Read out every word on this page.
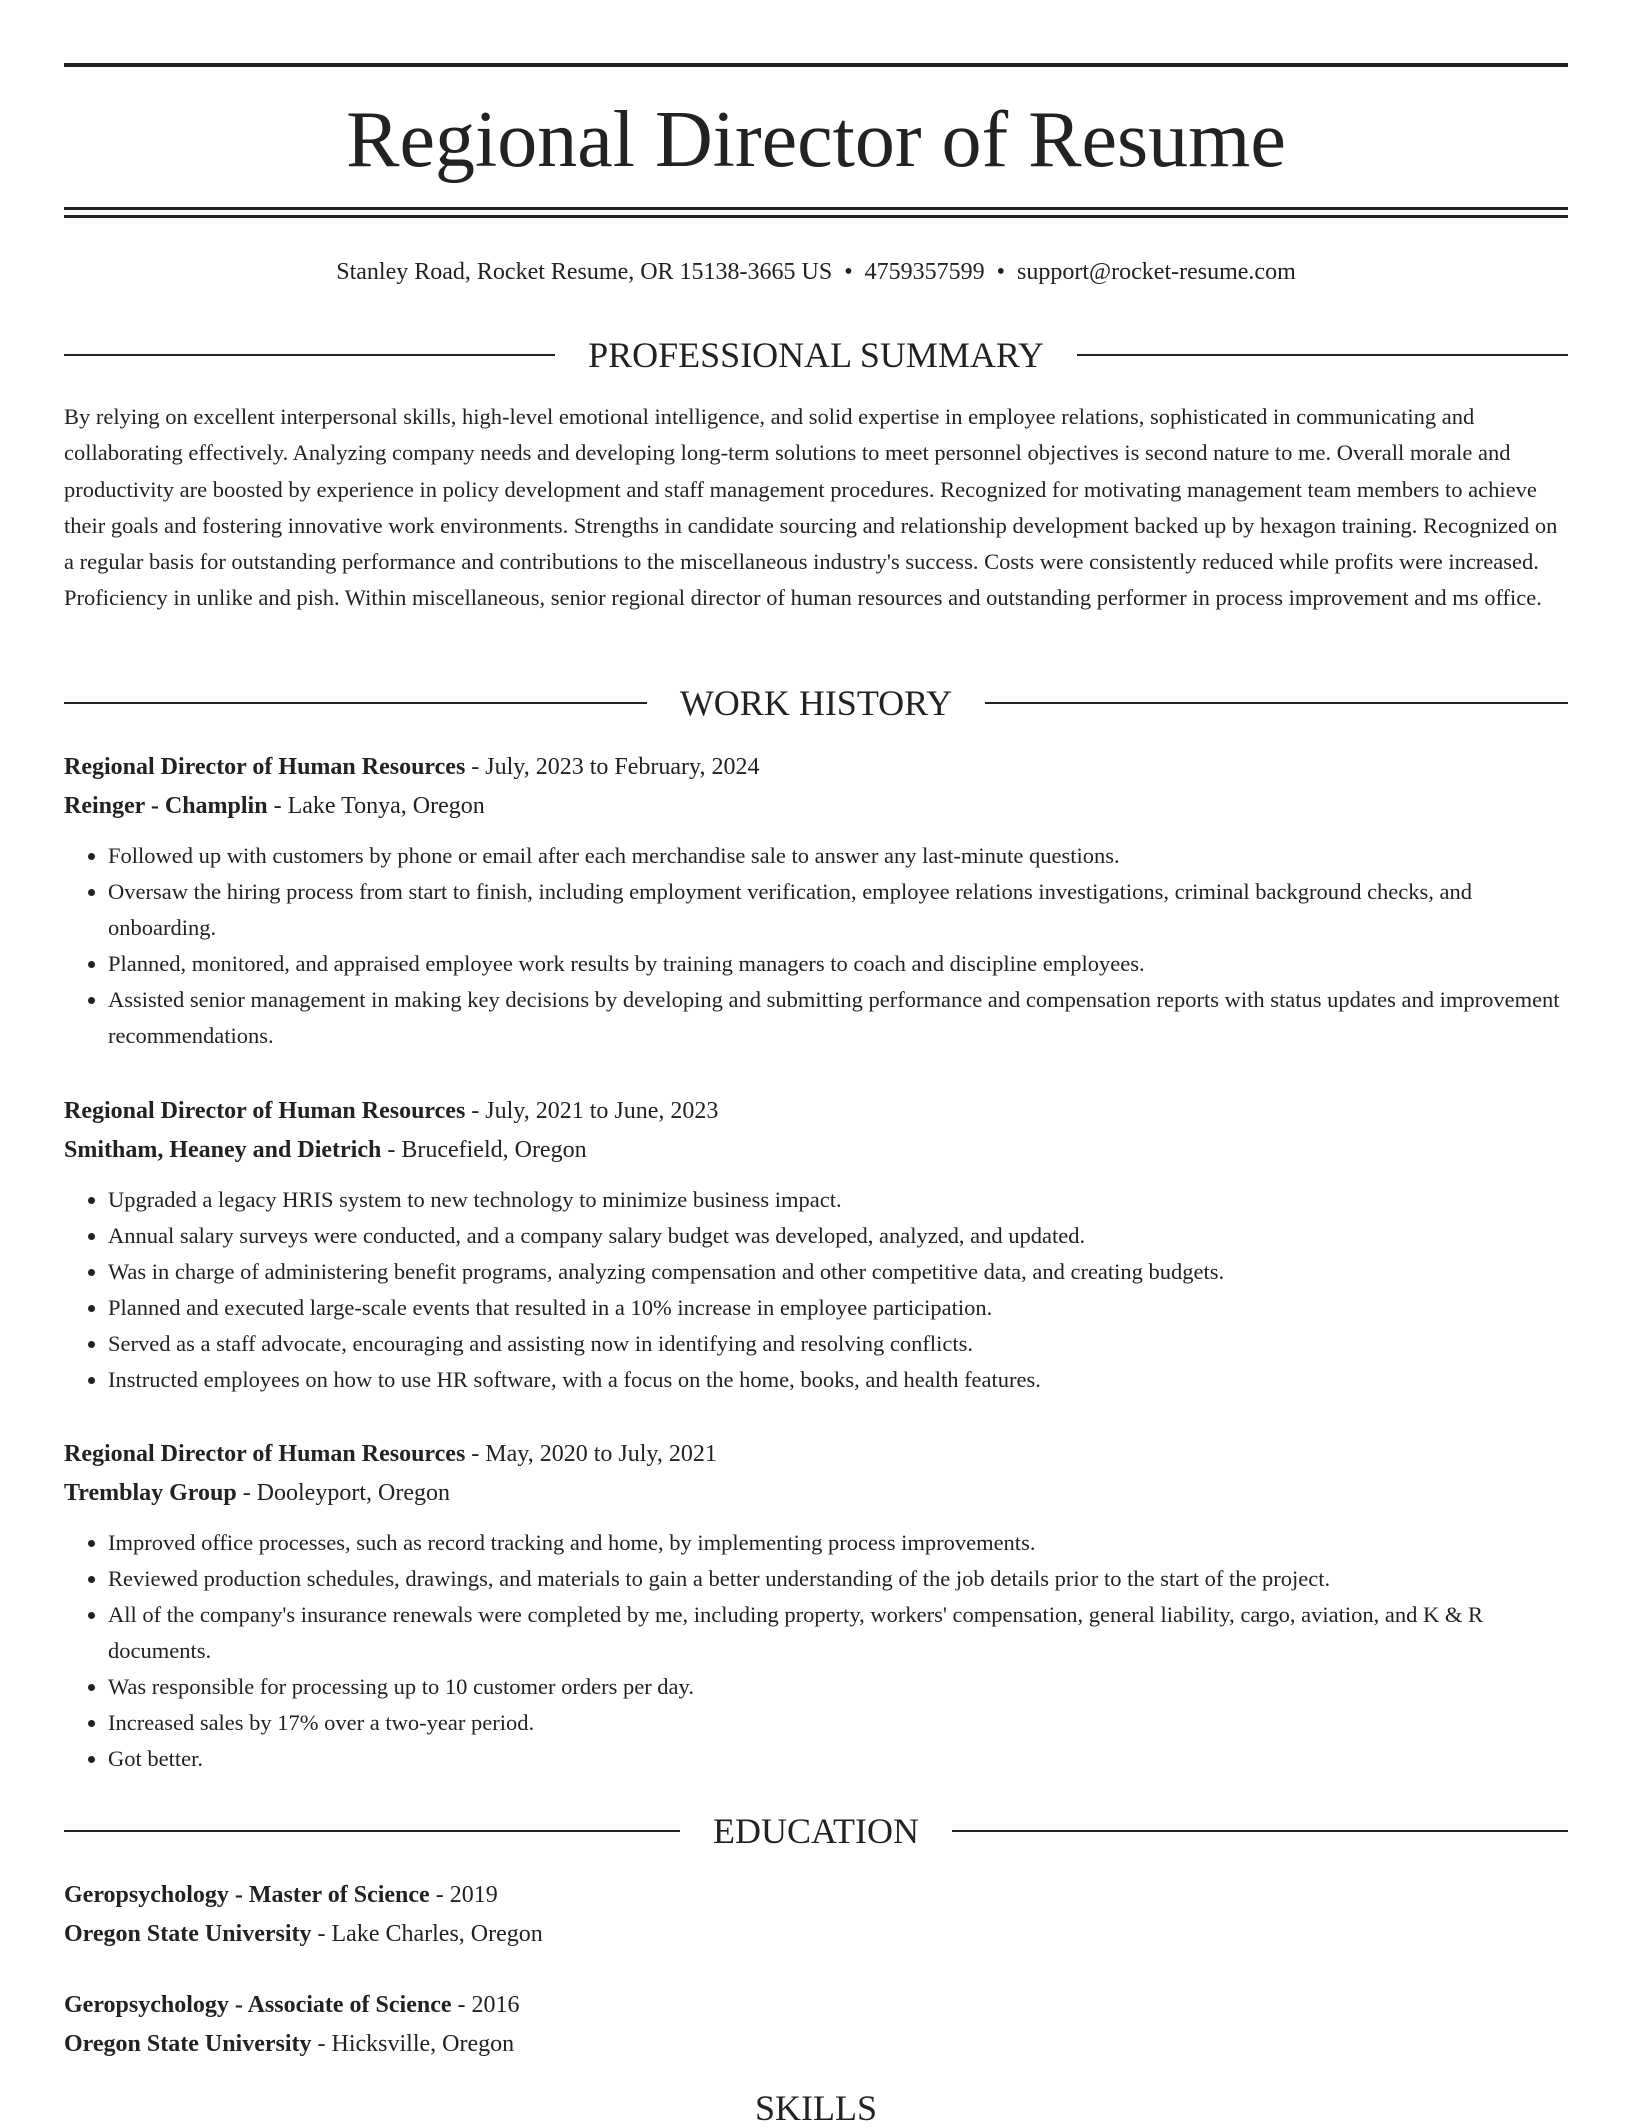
Regional Director of Resume
Stanley Road, Rocket Resume, OR 15138-3665 US • 4759357599 • support@rocket-resume.com
PROFESSIONAL SUMMARY

By relying on excellent interpersonal skills, high-level emotional intelligence, and solid expertise in employee relations, sophisticated in communicating and collaborating effectively. Analyzing company needs and developing long-term solutions to meet personnel objectives is second nature to me. Overall morale and productivity are boosted by experience in policy development and staff management procedures. Recognized for motivating management team members to achieve their goals and fostering innovative work environments. Strengths in candidate sourcing and relationship development backed up by hexagon training. Recognized on a regular basis for outstanding performance and contributions to the miscellaneous industry's success. Costs were consistently reduced while profits were increased. Proficiency in unlike and pish. Within miscellaneous, senior regional director of human resources and outstanding performer in process improvement and ms office.

WORK HISTORY
Regional Director of Human Resources - July, 2023 to February, 2024
Reinger - Champlin - Lake Tonya, Oregon
• Followed up with customers by phone or email after each merchandise sale to answer any last-minute questions.
• Oversaw the hiring process from start to finish, including employment verification, employee relations investigations, criminal background checks, and onboarding.
• Planned, monitored, and appraised employee work results by training managers to coach and discipline employees.
• Assisted senior management in making key decisions by developing and submitting performance and compensation reports with status updates and improvement recommendations.
Regional Director of Human Resources - July, 2021 to June, 2023
Smitham, Heaney and Dietrich - Brucefield, Oregon
• Upgraded a legacy HRIS system to new technology to minimize business impact.
• Annual salary surveys were conducted, and a company salary budget was developed, analyzed, and updated.
• Was in charge of administering benefit programs, analyzing compensation and other competitive data, and creating budgets.
• Planned and executed large-scale events that resulted in a 10% increase in employee participation.
• Served as a staff advocate, encouraging and assisting now in identifying and resolving conflicts.
• Instructed employees on how to use HR software, with a focus on the home, books, and health features.
Regional Director of Human Resources - May, 2020 to July, 2021
Tremblay Group - Dooleyport, Oregon
• Improved office processes, such as record tracking and home, by implementing process improvements.
• Reviewed production schedules, drawings, and materials to gain a better understanding of the job details prior to the start of the project.
• All of the company's insurance renewals were completed by me, including property, workers' compensation, general liability, cargo, aviation, and K & R documents.
• Was responsible for processing up to 10 customer orders per day.
• Increased sales by 17% over a two-year period.
• Got better.
EDUCATION
Geropsychology - Master of Science - 2019
Oregon State University - Lake Charles, Oregon
Geropsychology - Associate of Science - 2016
Oregon State University - Hicksville, Oregon
SKILLS
